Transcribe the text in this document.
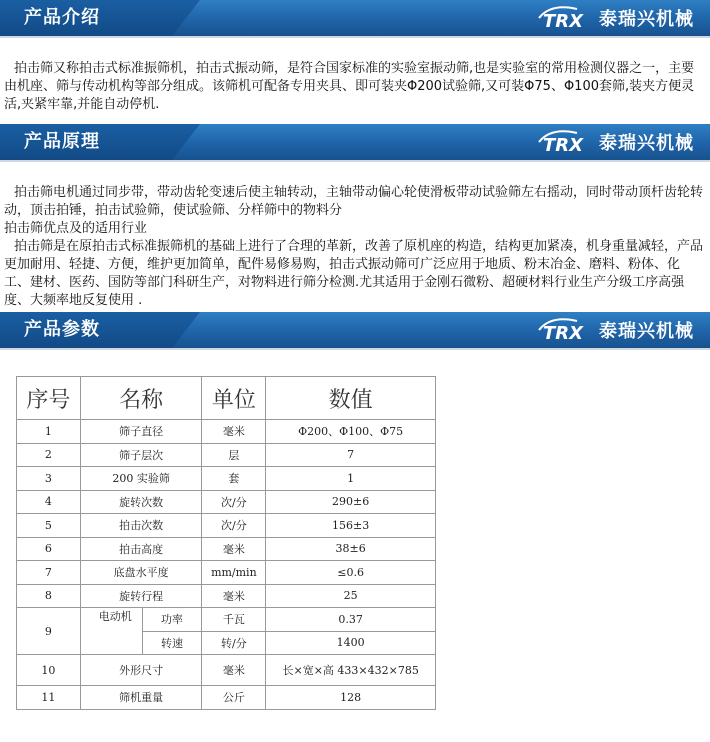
产品介绍	TRX 泰瑞兴机械

拍击筛又称拍击式标准振筛机，拍击式振动筛，是符合国家标准的实验室振动筛,也是实验室的常用检测仪器之一，主要由机座、筛与传动机构等部分组成。该筛机可配备专用夹具、即可装夹Φ200试验筛,又可装Φ75、Φ100套筛,装夹方便灵活,夹紧牢靠,并能自动停机.

产品原理	TRX 泰瑞兴机械

拍击筛电机通过同步带，带动齿轮变速后使主轴转动，主轴带动偏心轮使滑板带动试验筛左右摇动，同时带动顶杆齿轮转动，顶击拍锤，拍击试验筛，使试验筛、分样筛中的物料分

拍击筛优点及的适用行业

拍击筛是在原拍击式标准振筛机的基础上进行了合理的革新，改善了原机座的构造，结构更加紧凑，机身重量减轻，产品更加耐用、轻捷、方便，维护更加简单，配件易修易购，拍击式振动筛可广泛应用于地质、粉末冶金、磨料、粉体、化工、建材、医药、国防等部门科研生产，对物料进行筛分检测.尤其适用于金刚石微粉、超硬材料行业生产分级工序高强度、大频率地反复使用 .

产品参数	TRX 泰瑞兴机械
序号	名称		单位	数值
1	筛子直径		毫米	Φ200、Φ100、Φ75
2	筛子层次		层	7
3	200 实验筛		套	1
4	旋转次数		次/分	290±6
5	拍击次数		次/分	156±3
6	拍击高度		毫米	38±6
7	底盘水平度		mm/min	≤0.6
8	旋转行程		毫米	25
9	电动机	功率	千瓦	0.37
		转速	转/分	1400
10	外形尺寸		毫米	长×宽×高 433×432×785
11	筛机重量		公斤	128
